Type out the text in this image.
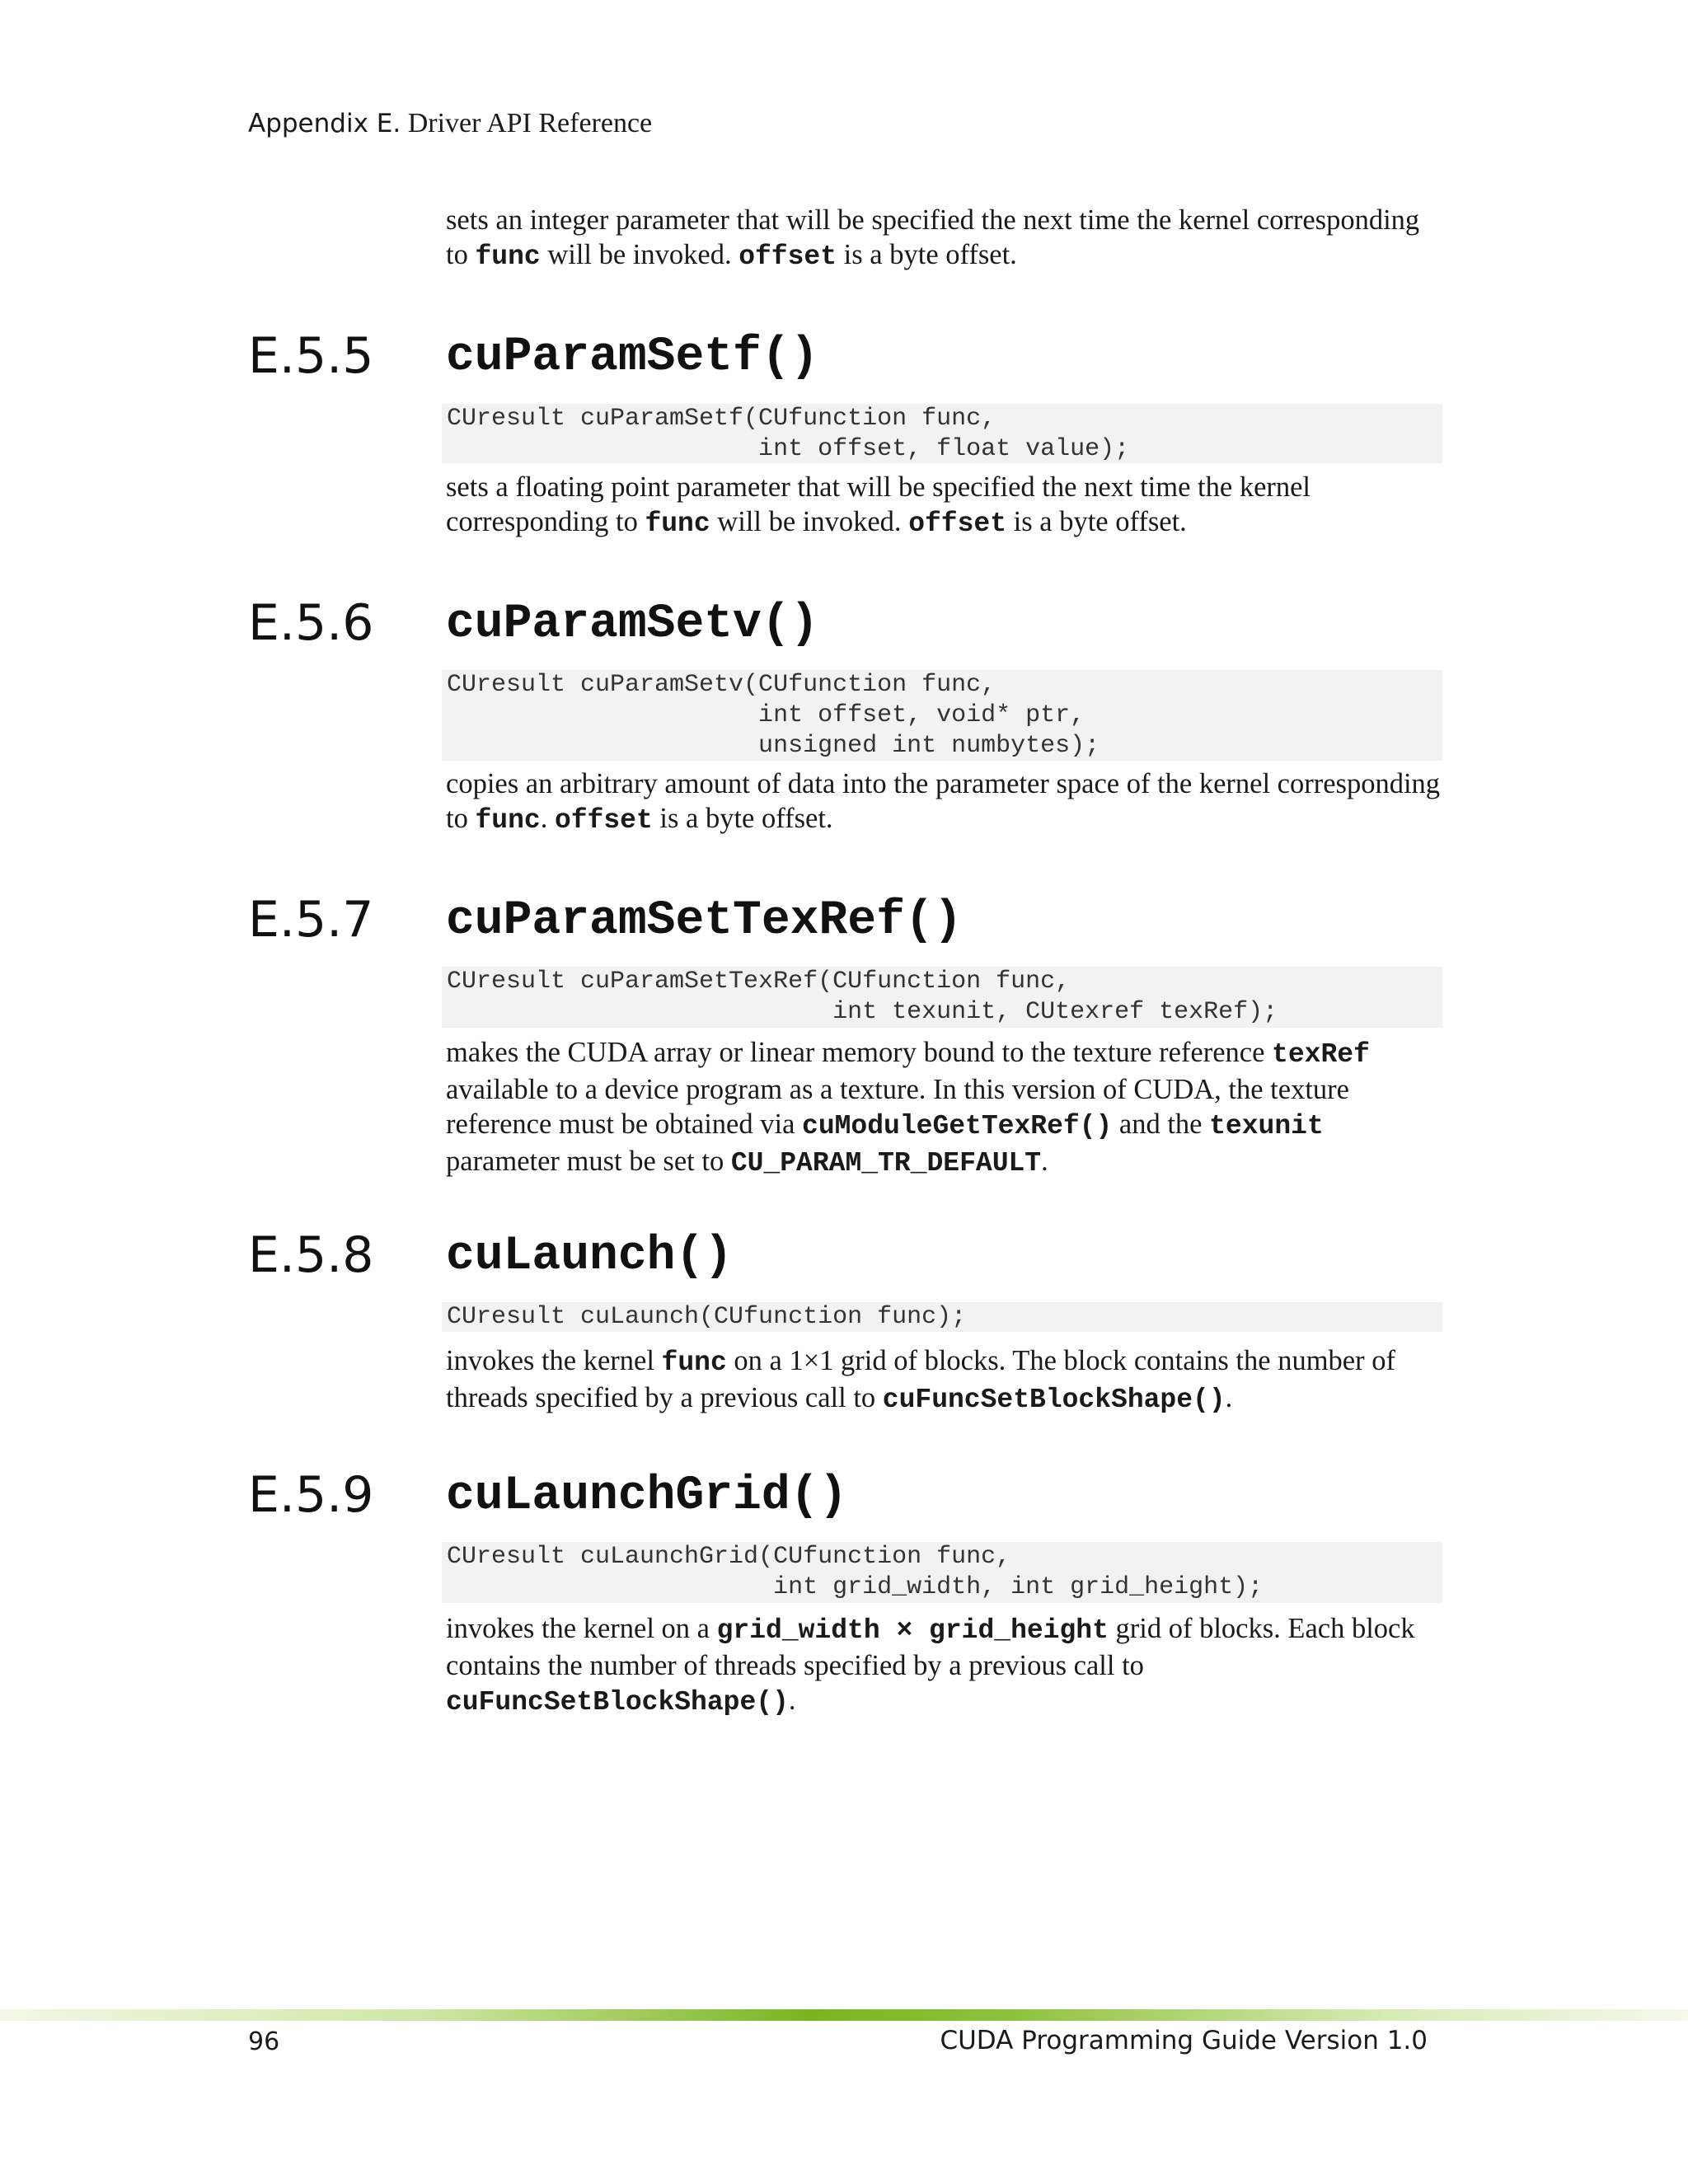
Appendix E. Driver API Reference
sets an integer parameter that will be specified the next time the kernel corresponding to func will be invoked. offset is a byte offset.
E.5.5 cuParamSetf()
CUresult cuParamSetf(CUfunction func,
int offset, float value);
sets a floating point parameter that will be specified the next time the kernel corresponding to func will be invoked. offset is a byte offset.
E.5.6 cuParamSetv()
CUresult cuParamSetv(CUfunction func,
int offset, void* ptr,
unsigned int numbytes);
copies an arbitrary amount of data into the parameter space of the kernel corresponding to func. offset is a byte offset.
E.5.7 cuParamSetTexRef()
CUresult cuParamSetTexRef(CUfunction func,
int texunit, CUtexref texRef);
makes the CUDA array or linear memory bound to the texture reference texRef available to a device program as a texture. In this version of CUDA, the texture reference must be obtained via cuModuleGetTexRef() and the texunit parameter must be set to CU_PARAM_TR_DEFAULT.
E.5.8 cuLaunch()
CUresult cuLaunch(CUfunction func);
invokes the kernel func on a 1×1 grid of blocks. The block contains the number of threads specified by a previous call to cuFuncSetBlockShape().
E.5.9 cuLaunchGrid()
CUresult cuLaunchGrid(CUfunction func,
int grid_width, int grid_height);
invokes the kernel on a grid_width × grid_height grid of blocks. Each block contains the number of threads specified by a previous call to cuFuncSetBlockShape().
96	CUDA Programming Guide Version 1.0
